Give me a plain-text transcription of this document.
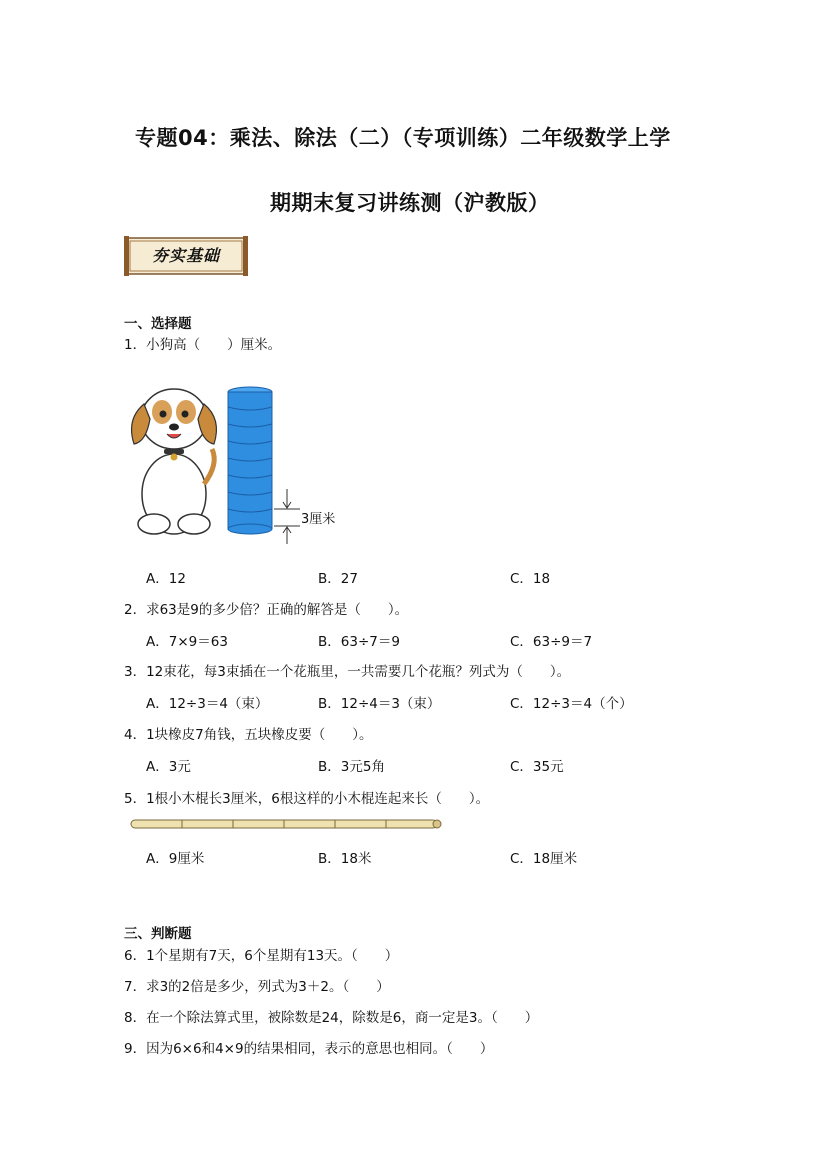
专题04：乘法、除法（二）（专项训练）二年级数学上学
期期末复习讲练测（沪教版）
夯实基础
一、选择题
1．小狗高（　　）厘米。
3厘米
A．12	B．27	C．18
2．求63是9的多少倍？正确的解答是（　　）。
A．7×9＝63	B．63÷7＝9	C．63÷9＝7
3．12束花，每3束插在一个花瓶里，一共需要几个花瓶？列式为（　　）。
A．12÷3＝4（束）	B．12÷4＝3（束）	C．12÷3＝4（个）
4．1块橡皮7角钱，五块橡皮要（　　）。
A．3元	B．3元5角	C．35元
5．1根小木棍长3厘米，6根这样的小木棍连起来长（　　）。
A．9厘米	B．18米	C．18厘米
三、判断题
6．1个星期有7天，6个星期有13天。（　　）
7．求3的2倍是多少，列式为3＋2。（　　）
8．在一个除法算式里，被除数是24，除数是6，商一定是3。（　　）
9．因为6×6和4×9的结果相同，表示的意思也相同。（　　）
